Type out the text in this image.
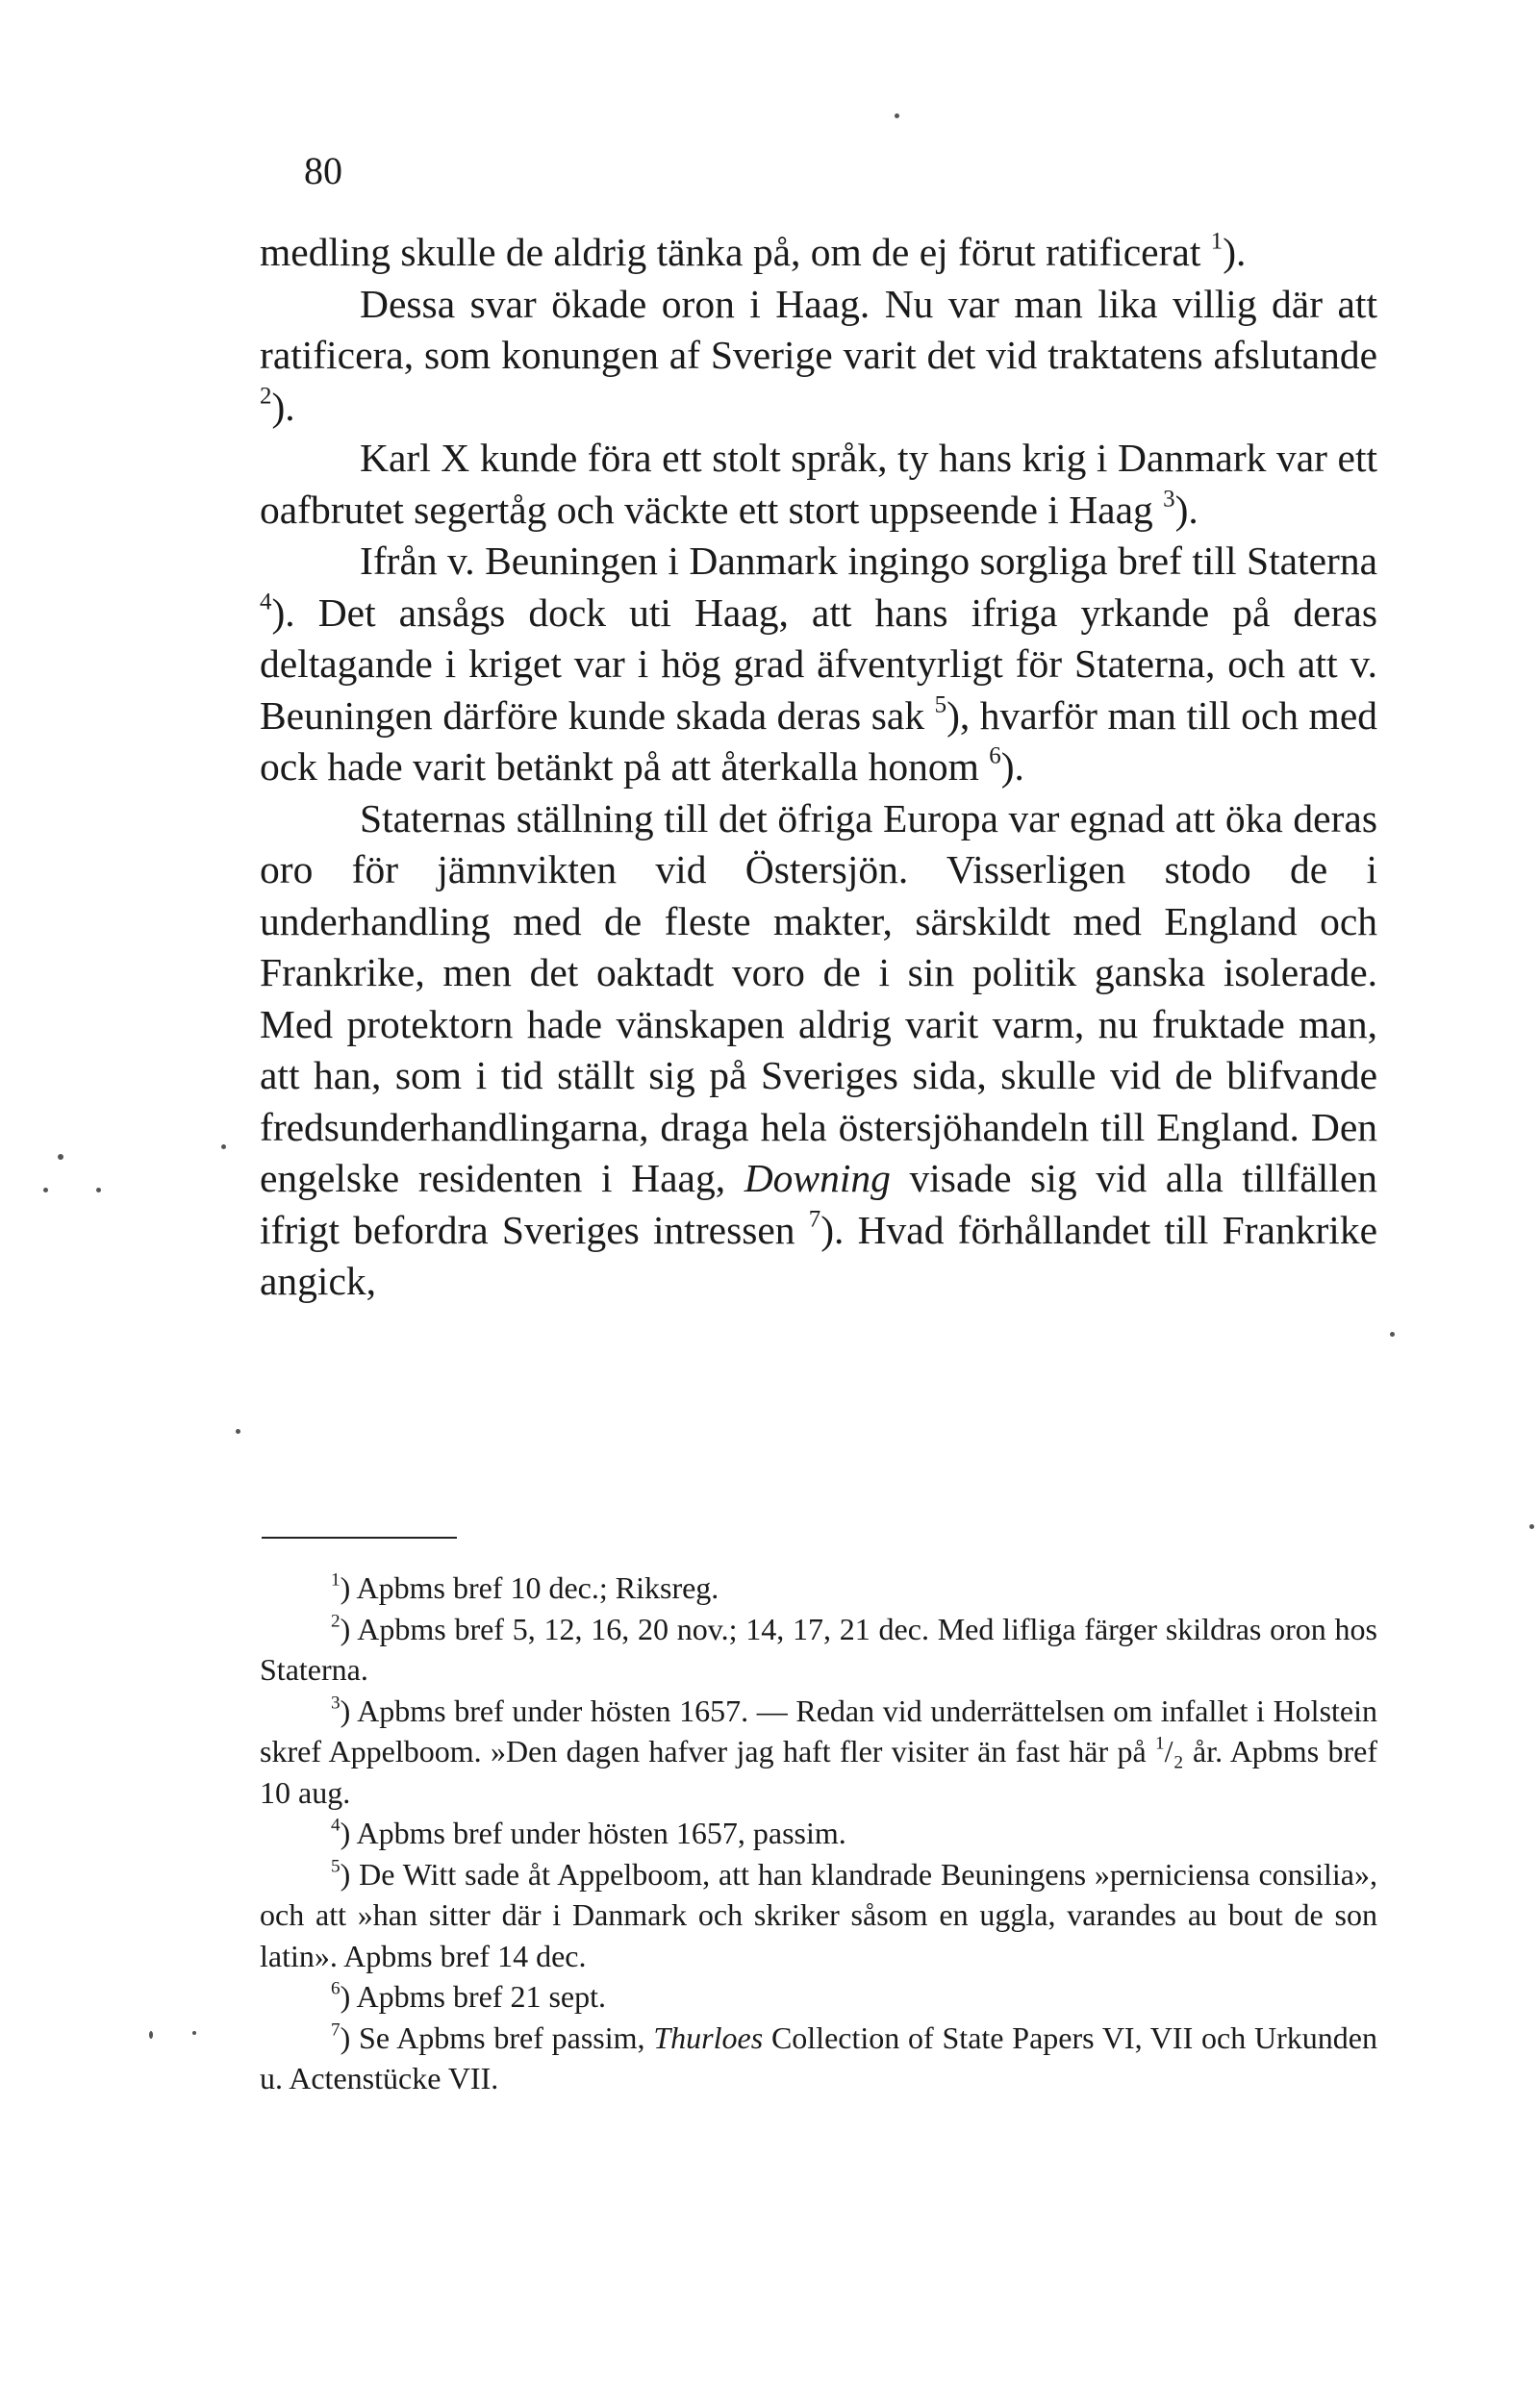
80

medling skulle de aldrig tänka på, om de ej förut ratificerat $^1$).

Dessa svar ökade oron i Haag. Nu var man lika villig där att ratificera, som konungen af Sverige varit det vid traktatens afslutande $^2$).

Karl X kunde föra ett stolt språk, ty hans krig i Danmark var ett oafbrutet segertåg och väckte ett stort uppseende i Haag $^3$).

Ifrån v. Beuningen i Danmark ingingo sorgliga bref till Staterna $^4$). Det ansågs dock uti Haag, att hans ifriga yrkande på deras deltagande i kriget var i hög grad äfventyrligt för Staterna, och att v. Beuningen därföre kunde skada deras sak $^5$), hvarför man till och med ock hade varit betänkt på att återkalla honom $^6$).

Staternas ställning till det öfriga Europa var egnad att öka deras oro för jämnvikten vid Östersjön. Visserligen stodo de i underhandling med de fleste makter, särskildt med England och Frankrike, men det oaktadt voro de i sin politik ganska isolerade. Med protektorn hade vänskapen aldrig varit varm, nu fruktade man, att han, som i tid ställt sig på Sveriges sida, skulle vid de blifvande fredsunderhandlingarna, draga hela östersjöhandeln till England. Den engelske residenten i Haag, Downing visade sig vid alla tillfällen ifrigt befordra Sveriges intressen $^7$). Hvad förhållandet till Frankrike angick,

$^1$) Apbms bref 10 dec.; Riksreg.

$^2$) Apbms bref 5, 12, 16, 20 nov.; 14, 17, 21 dec. Med lifliga färger skildras oron hos Staterna.

$^3$) Apbms bref under hösten 1657. — Redan vid underrättelsen om infallet i Holstein skref Appelboom. »Den dagen hafver jag haft fler visiter än fast här på $^1$/₂ år. Apbms bref 10 aug.

$^4$) Apbms bref under hösten 1657, passim.

$^5$) De Witt sade åt Appelboom, att han klandrade Beuningens »perniciensa consilia», och att »han sitter där i Danmark och skriker såsom en uggla, varandes au bout de son latin». Apbms bref 14 dec.

$^6$) Apbms bref 21 sept.

$^7$) Se Apbms bref passim, Thurloes Collection of State Papers VI, VII och Urkunden u. Actenstücke VII.
